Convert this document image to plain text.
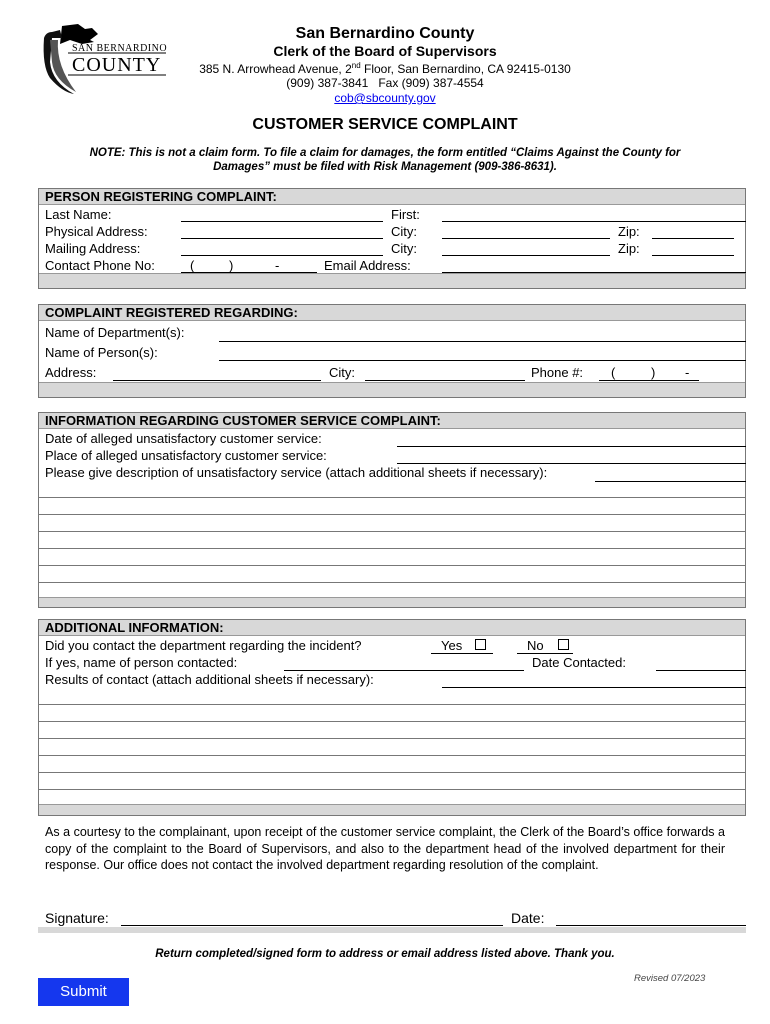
SAN BERNARDINO
COUNTY
San Bernardino County
Clerk of the Board of Supervisors
385 N. Arrowhead Avenue, 2nd Floor, San Bernardino, CA 92415-0130
(909) 387-3841   Fax (909) 387-4554
cob@sbcounty.gov
CUSTOMER SERVICE COMPLAINT
NOTE: This is not a claim form. To file a claim for damages, the form entitled “Claims Against the County for
Damages” must be filed with Risk Management (909-386-8631).
PERSON REGISTERING COMPLAINT:
Last Name:	First:
Physical Address:	City:	Zip:
Mailing Address:	City:	Zip:
Contact Phone No:	(	)	-	Email Address:
COMPLAINT REGISTERED REGARDING:
Name of Department(s):
Name of Person(s):
Address:	City:	Phone #: (	) -
INFORMATION REGARDING CUSTOMER SERVICE COMPLAINT:
Date of alleged unsatisfactory customer service:
Place of alleged unsatisfactory customer service:
Please give description of unsatisfactory service (attach additional sheets if necessary):
ADDITIONAL INFORMATION:
Did you contact the department regarding the incident?	Yes	No
If yes, name of person contacted:	Date Contacted:
Results of contact (attach additional sheets if necessary):
As a courtesy to the complainant, upon receipt of the customer service complaint, the Clerk of the Board’s office forwards a copy of the complaint to the Board of Supervisors, and also to the department head of the involved department for their response. Our office does not contact the involved department regarding resolution of the complaint.
Signature:	Date:
Return completed/signed form to address or email address listed above. Thank you.
Revised 07/2023
Submit
